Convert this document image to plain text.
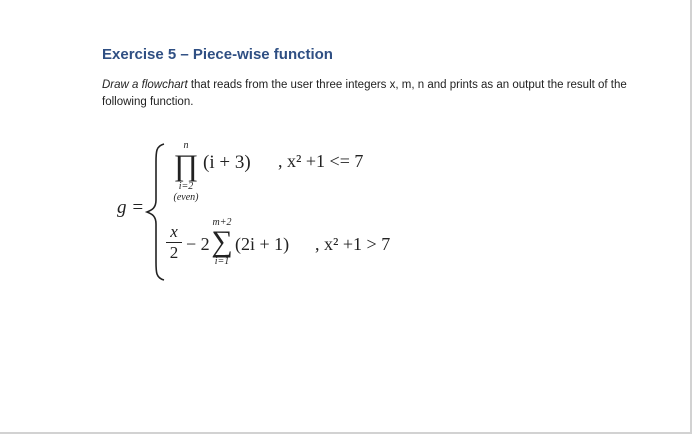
Exercise 5 – Piece-wise function
Draw a flowchart that reads from the user three integers x, m, n and prints as an output the result of the following function.
g =
n
∏
i=2
(even)
(i + 3) , x² +1 <= 7
x
2 − 2
m+2
∑
i=1
(2i + 1) , x² +1 > 7
